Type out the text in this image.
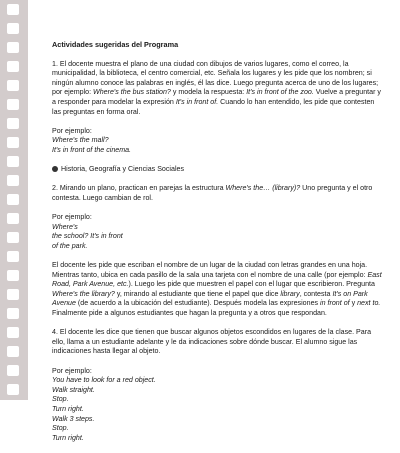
Actividades sugeridas del Programa

1. El docente muestra el plano de una ciudad con dibujos de varios lugares, como el correo, la municipalidad, la biblioteca, el centro comercial, etc. Señala los lugares y les pide que los nombren; si ningún alumno conoce las palabras en inglés, él las dice. Luego pregunta acerca de uno de los lugares; por ejemplo: Where's the bus station? y modela la respuesta: It's in front of the zoo. Vuelve a preguntar y a responder para modelar la expresión It's in front of. Cuando lo han entendido, les pide que contesten las preguntas en forma oral.

Por ejemplo:
Where's the mall?
It's in front of the cinema.

Historia, Geografía y Ciencias Sociales

2. Mirando un plano, practican en parejas la estructura Where's the… (library)? Uno pregunta y el otro contesta. Luego cambian de rol.

Por ejemplo:
Where's
the school? It's in front
of the park.

El docente les pide que escriban el nombre de un lugar de la ciudad con letras grandes en una hoja. Mientras tanto, ubica en cada pasillo de la sala una tarjeta con el nombre de una calle (por ejemplo: East Road, Park Avenue, etc.). Luego les pide que muestren el papel con el lugar que escribieron. Pregunta Where's the library? y, mirando al estudiante que tiene el papel que dice library, contesta It's on Park Avenue (de acuerdo a la ubicación del estudiante). Después modela las expresiones in front of y next to.
Finalmente pide a algunos estudiantes que hagan la pregunta y a otros que respondan.

4. El docente les dice que tienen que buscar algunos objetos escondidos en lugares de la clase. Para ello, llama a un estudiante adelante y le da indicaciones sobre dónde buscar. El alumno sigue las indicaciones hasta llegar al objeto.

Por ejemplo:
You have to look for a red object.
Walk straight.
Stop.
Turn right.
Walk 3 steps.
Stop.
Turn right.
